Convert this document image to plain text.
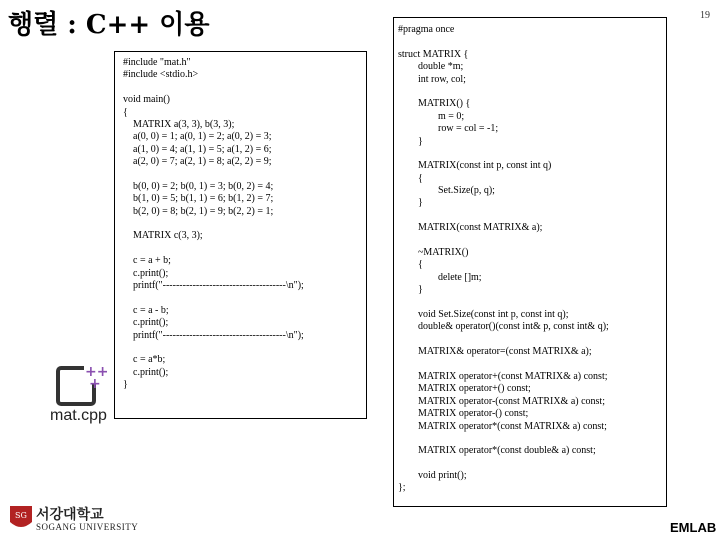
행렬 : C++ 이용	19
#include "mat.h"
#include <stdio.h>
void main()
{
MATRIX a(3, 3), b(3, 3);
a(0, 0) = 1; a(0, 1) = 2; a(0, 2) = 3;
a(1, 0) = 4; a(1, 1) = 5; a(1, 2) = 6;
a(2, 0) = 7; a(2, 1) = 8; a(2, 2) = 9;
b(0, 0) = 2; b(0, 1) = 3; b(0, 2) = 4;
b(1, 0) = 5; b(1, 1) = 6; b(1, 2) = 7;
b(2, 0) = 8; b(2, 1) = 9; b(2, 2) = 1;
MATRIX c(3, 3);
c = a + b;
c.print();
printf("-------------------------------------\n");
c = a - b;
c.print();
printf("-------------------------------------\n");
c = a*b;
c.print();
}
#pragma once
struct MATRIX {
double *m;
int row, col;
MATRIX() {
m = 0;
row = col = -1;
}
MATRIX(const int p, const int q)
{
Set.Size(p, q);
}
MATRIX(const MATRIX& a);
~MATRIX()
{
delete []m;
}
void Set.Size(const int p, const int q);
double& operator()(const int& p, const int& q);
MATRIX& operator=(const MATRIX& a);
MATRIX operator+(const MATRIX& a) const;
MATRIX operator+() const;
MATRIX operator-(const MATRIX& a) const;
MATRIX operator-() const;
MATRIX operator*(const MATRIX& a) const;
MATRIX operator*(const double& a) const;
void print();
};
++
+
mat.cpp
SG 서강대학교
SOGANG UNIVERSITY	EMLAB
